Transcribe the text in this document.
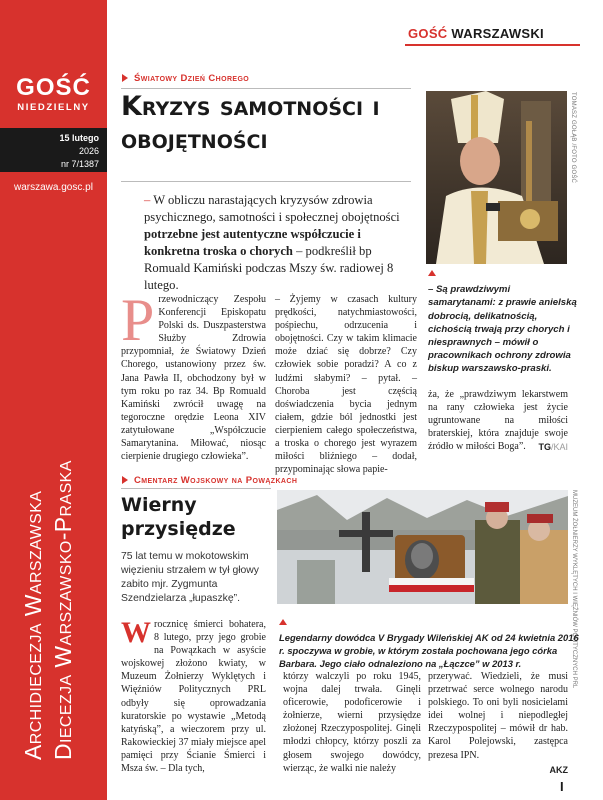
GOŚĆ
NIEDZIELNY
15 lutego
2026
nr 7/1387
warszawa.gosc.pl
Archidiecezja Warszawska Diecezja Warszawsko-Praska
GOŚĆ WARSZAWSKI
Światowy Dzień Chorego
Kryzys samotności i obojętności	TOMASZ GOŁĄB /FOTO GOŚĆ
– W obliczu narastających kryzysów zdrowia psychicznego, samotności i społecznej obojętności potrzebne jest autentyczne współczucie i konkretna troska o chorych – podkreślił bp Romuald Kamiński podczas Mszy św. radiowej 8 lutego.	– Są prawdziwymi samarytanami: z prawie anielską dobrocią, delikatnością, cichością trwają przy chorych i niesprawnych – mówił o pracownikach ochrony zdrowia biskup warszawsko-praski.
Przewodniczący Zespołu Konferencji Episkopatu Polski ds. Duszpasterstwa Służby Zdrowia przypomniał, że Światowy Dzień Chorego, ustanowiony przez św. Jana Pawła II, obchodzony był w tym roku po raz 34. Bp Romuald Kamiński zwrócił uwagę na tegoroczne orędzie Leona XIV zatytułowane „Współczucie Samarytanina. Miłować, niosąc cierpienie drugiego człowieka”.
– Żyjemy w czasach kultury prędkości, natychmiastowości, pośpiechu, odrzucenia i obojętności. Czy w takim klimacie może dziać się dobrze? Czy człowiek sobie poradzi? A co z ludźmi słabymi? – pytał. – Choroba jest częścią doświadczenia bycia jednym ciałem, gdzie ból jednostki jest cierpieniem całego społeczeństwa, a troska o chorego jest wyrazem miłości bliźniego – dodał, przypominając słowa papie-
ża, że „prawdziwym lekarstwem na rany człowieka jest życie ugruntowane na miłości braterskiej, która znajduje swoje źródło w miłości Boga”.	TG/KAI
Cmentarz Wojskowy na Powązkach
Wierny przysiędze
75 lat temu w mokotowskim więzieniu strzałem w tył głowy zabito mjr. Zygmunta Szendzielarza „łupaszkę”.	MUZEUM ŻOŁNIERZY WYKLĘTYCH I WIĘŹNIÓW POLITYCZNYCH PRL
Legendarny dowódca V Brygady Wileńskiej AK od 24 kwietnia 2016 r. spoczywa w grobie, w którym została pochowana jego córka Barbara. Jego ciało odnaleziono na „Łączce” w 2013 r.
Wrocznicę śmierci bohatera, 8 lutego, przy jego grobie na Powązkach w asyście wojskowej złożono kwiaty, w Muzeum Żołnierzy Wyklętych i Więźniów Politycznych PRL odbyły się oprowadzania kuratorskie po wystawie „Metodą katyńską”, a wieczorem przy ul. Rakowieckiej 37 miały miejsce apel pamięci przy Ścianie Śmierci i Msza św. – Dla tych,
którzy walczyli po roku 1945, wojna dalej trwała. Ginęli oficerowie, podoficerowie i żołnierze, wierni przysiędze złożonej Rzeczypospolitej. Ginęli młodzi chłopcy, którzy poszli za głosem swojego dowódcy, wierząc, że walki nie należy
przerywać. Wiedzieli, że musi przetrwać serce wolnego narodu polskiego. To oni byli nosicielami idei wolnej i niepodległej Rzeczypospolitej – mówił dr hab. Karol Polejowski, zastępca prezesa IPN.
AKZ
I
